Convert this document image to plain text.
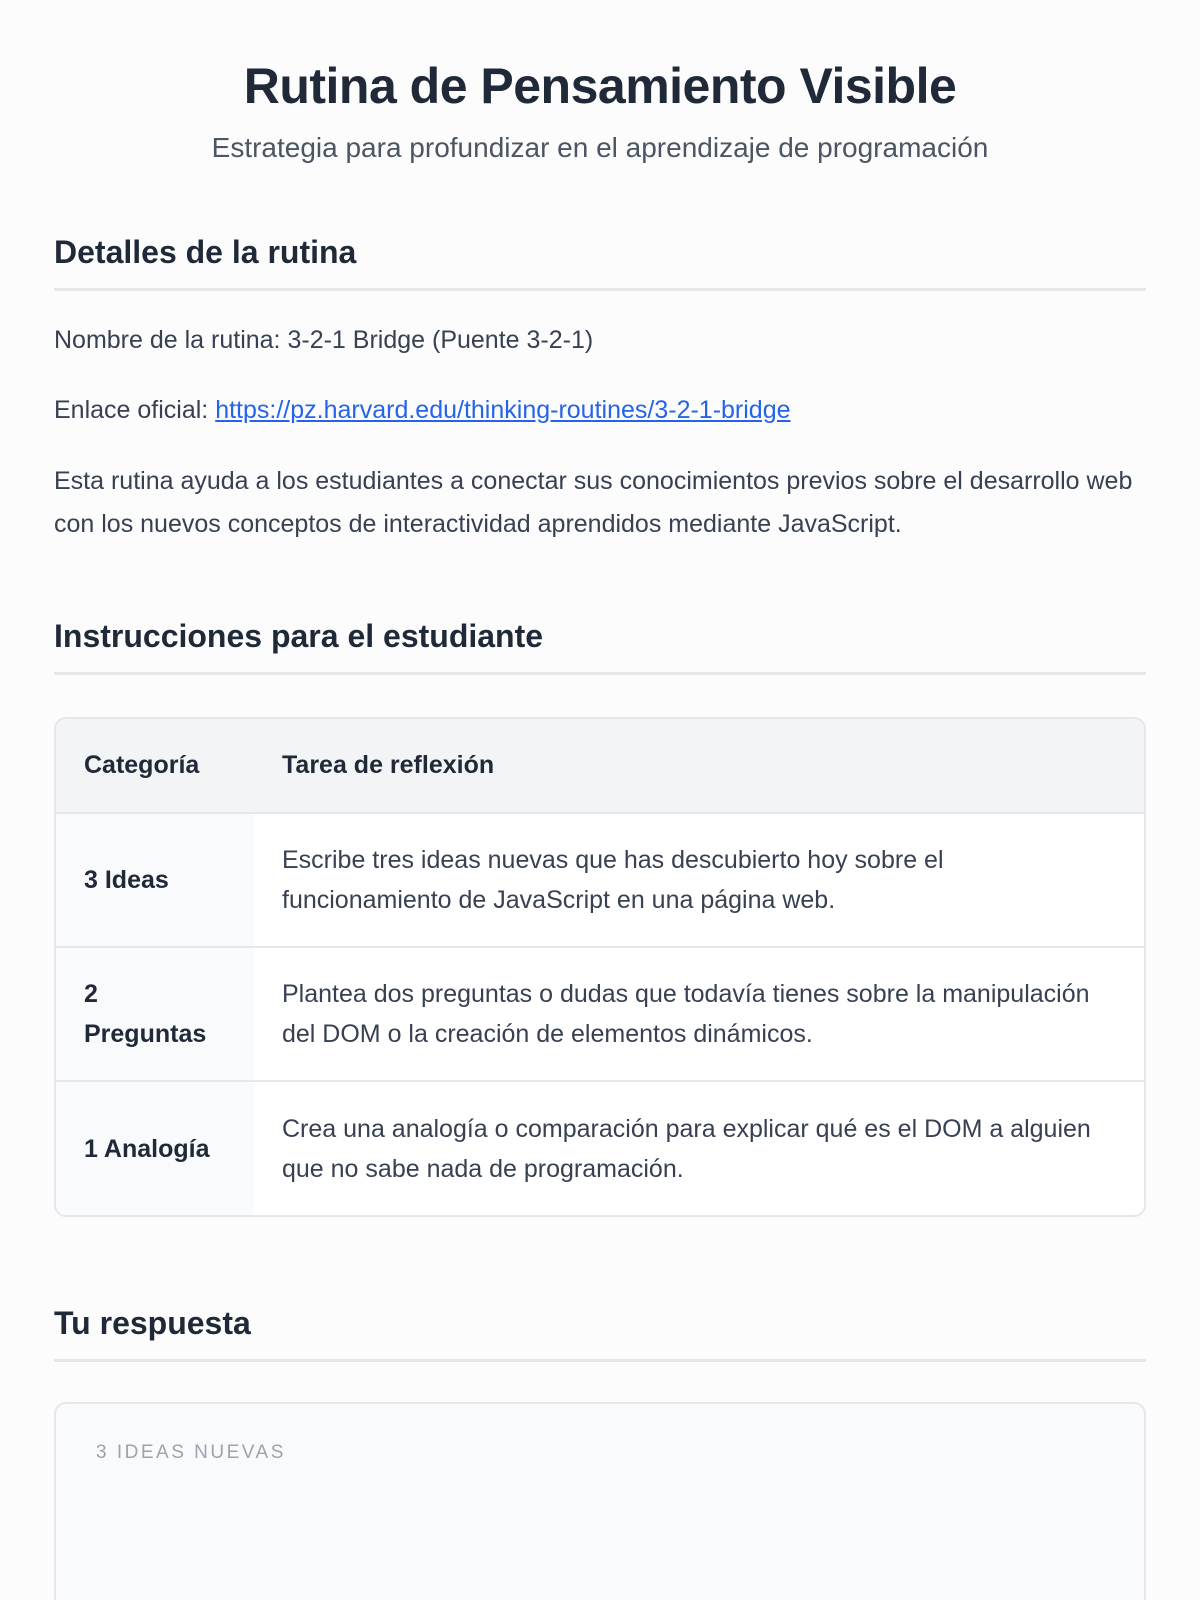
Rutina de Pensamiento Visible

Estrategia para profundizar en el aprendizaje de programación

Detalles de la rutina

Nombre de la rutina: 3-2-1 Bridge (Puente 3-2-1)

Enlace oficial: https://pz.harvard.edu/thinking-routines/3-2-1-bridge

Esta rutina ayuda a los estudiantes a conectar sus conocimientos previos sobre el desarrollo web con los nuevos conceptos de interactividad aprendidos mediante JavaScript.

Instrucciones para el estudiante
Categoría	Tarea de reflexión
3 Ideas	Escribe tres ideas nuevas que has descubierto hoy sobre el funcionamiento de JavaScript en una página web.
2 Preguntas	Plantea dos preguntas o dudas que todavía tienes sobre la manipulación del DOM o la creación de elementos dinámicos.
1 Analogía	Crea una analogía o comparación para explicar qué es el DOM a alguien que no sabe nada de programación.
Tu respuesta
3 IDEAS NUEVAS
